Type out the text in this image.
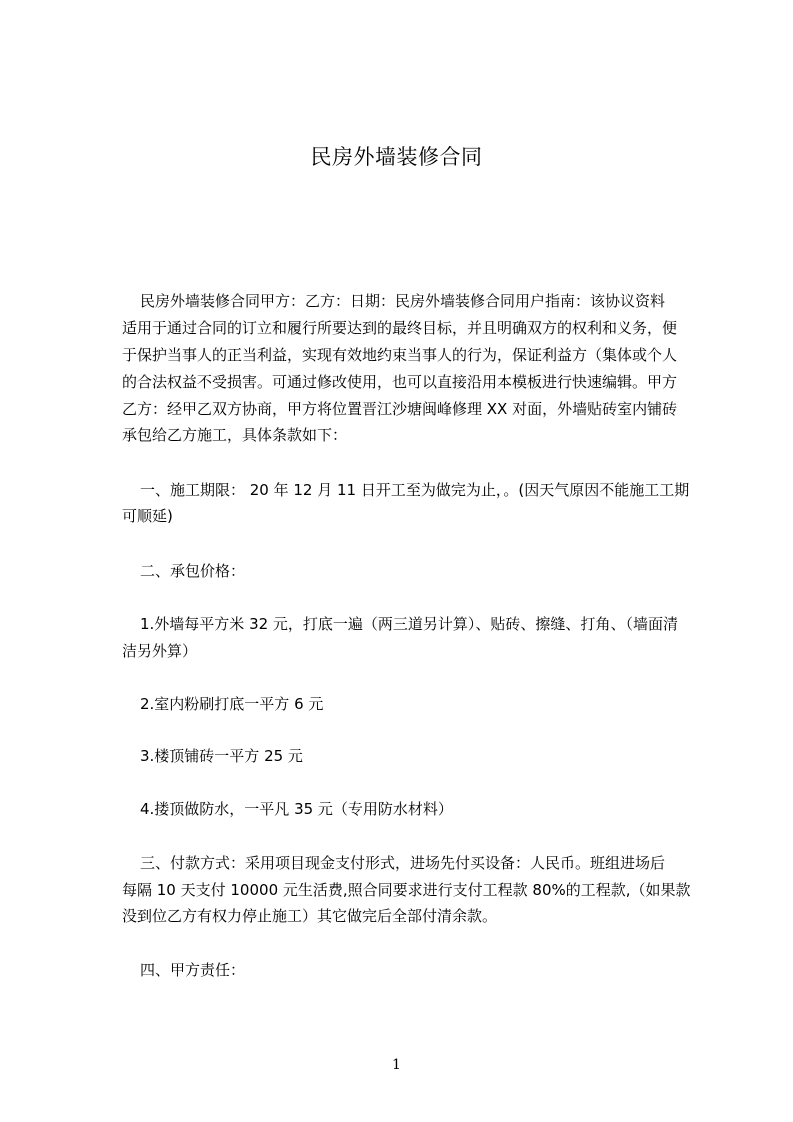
民房外墙装修合同
民房外墙装修合同甲方：乙方：日期：民房外墙装修合同用户指南：该协议资料
适用于通过合同的订立和履行所要达到的最终目标，并且明确双方的权利和义务，便
于保护当事人的正当利益，实现有效地约束当事人的行为，保证利益方（集体或个人
的合法权益不受损害。可通过修改使用，也可以直接沿用本模板进行快速编辑。甲方
乙方：经甲乙双方协商，甲方将位置晋江沙塘闽峰修理 XX 对面，外墙贴砖室内铺砖
承包给乙方施工，具体条款如下：
一、施工期限： 20 年 12 月 11 日开工至为做完为止，。(因天气原因不能施工工期
可顺延)
二、承包价格：
1.外墙每平方米 32 元，打底一遍（两三道另计算）、贴砖、擦缝、打角、（墙面清
洁另外算）
2.室内粉刷打底一平方 6 元
3.楼顶铺砖一平方 25 元
4.搂顶做防水，一平凡 35 元（专用防水材料）
三、付款方式：采用项目现金支付形式，进场先付买设备：人民币。班组进场后
每隔 10 天支付 10000 元生活费,照合同要求进行支付工程款 80%的工程款,（如果款
没到位乙方有权力停止施工）其它做完后全部付清余款。
四、甲方责任：
1
